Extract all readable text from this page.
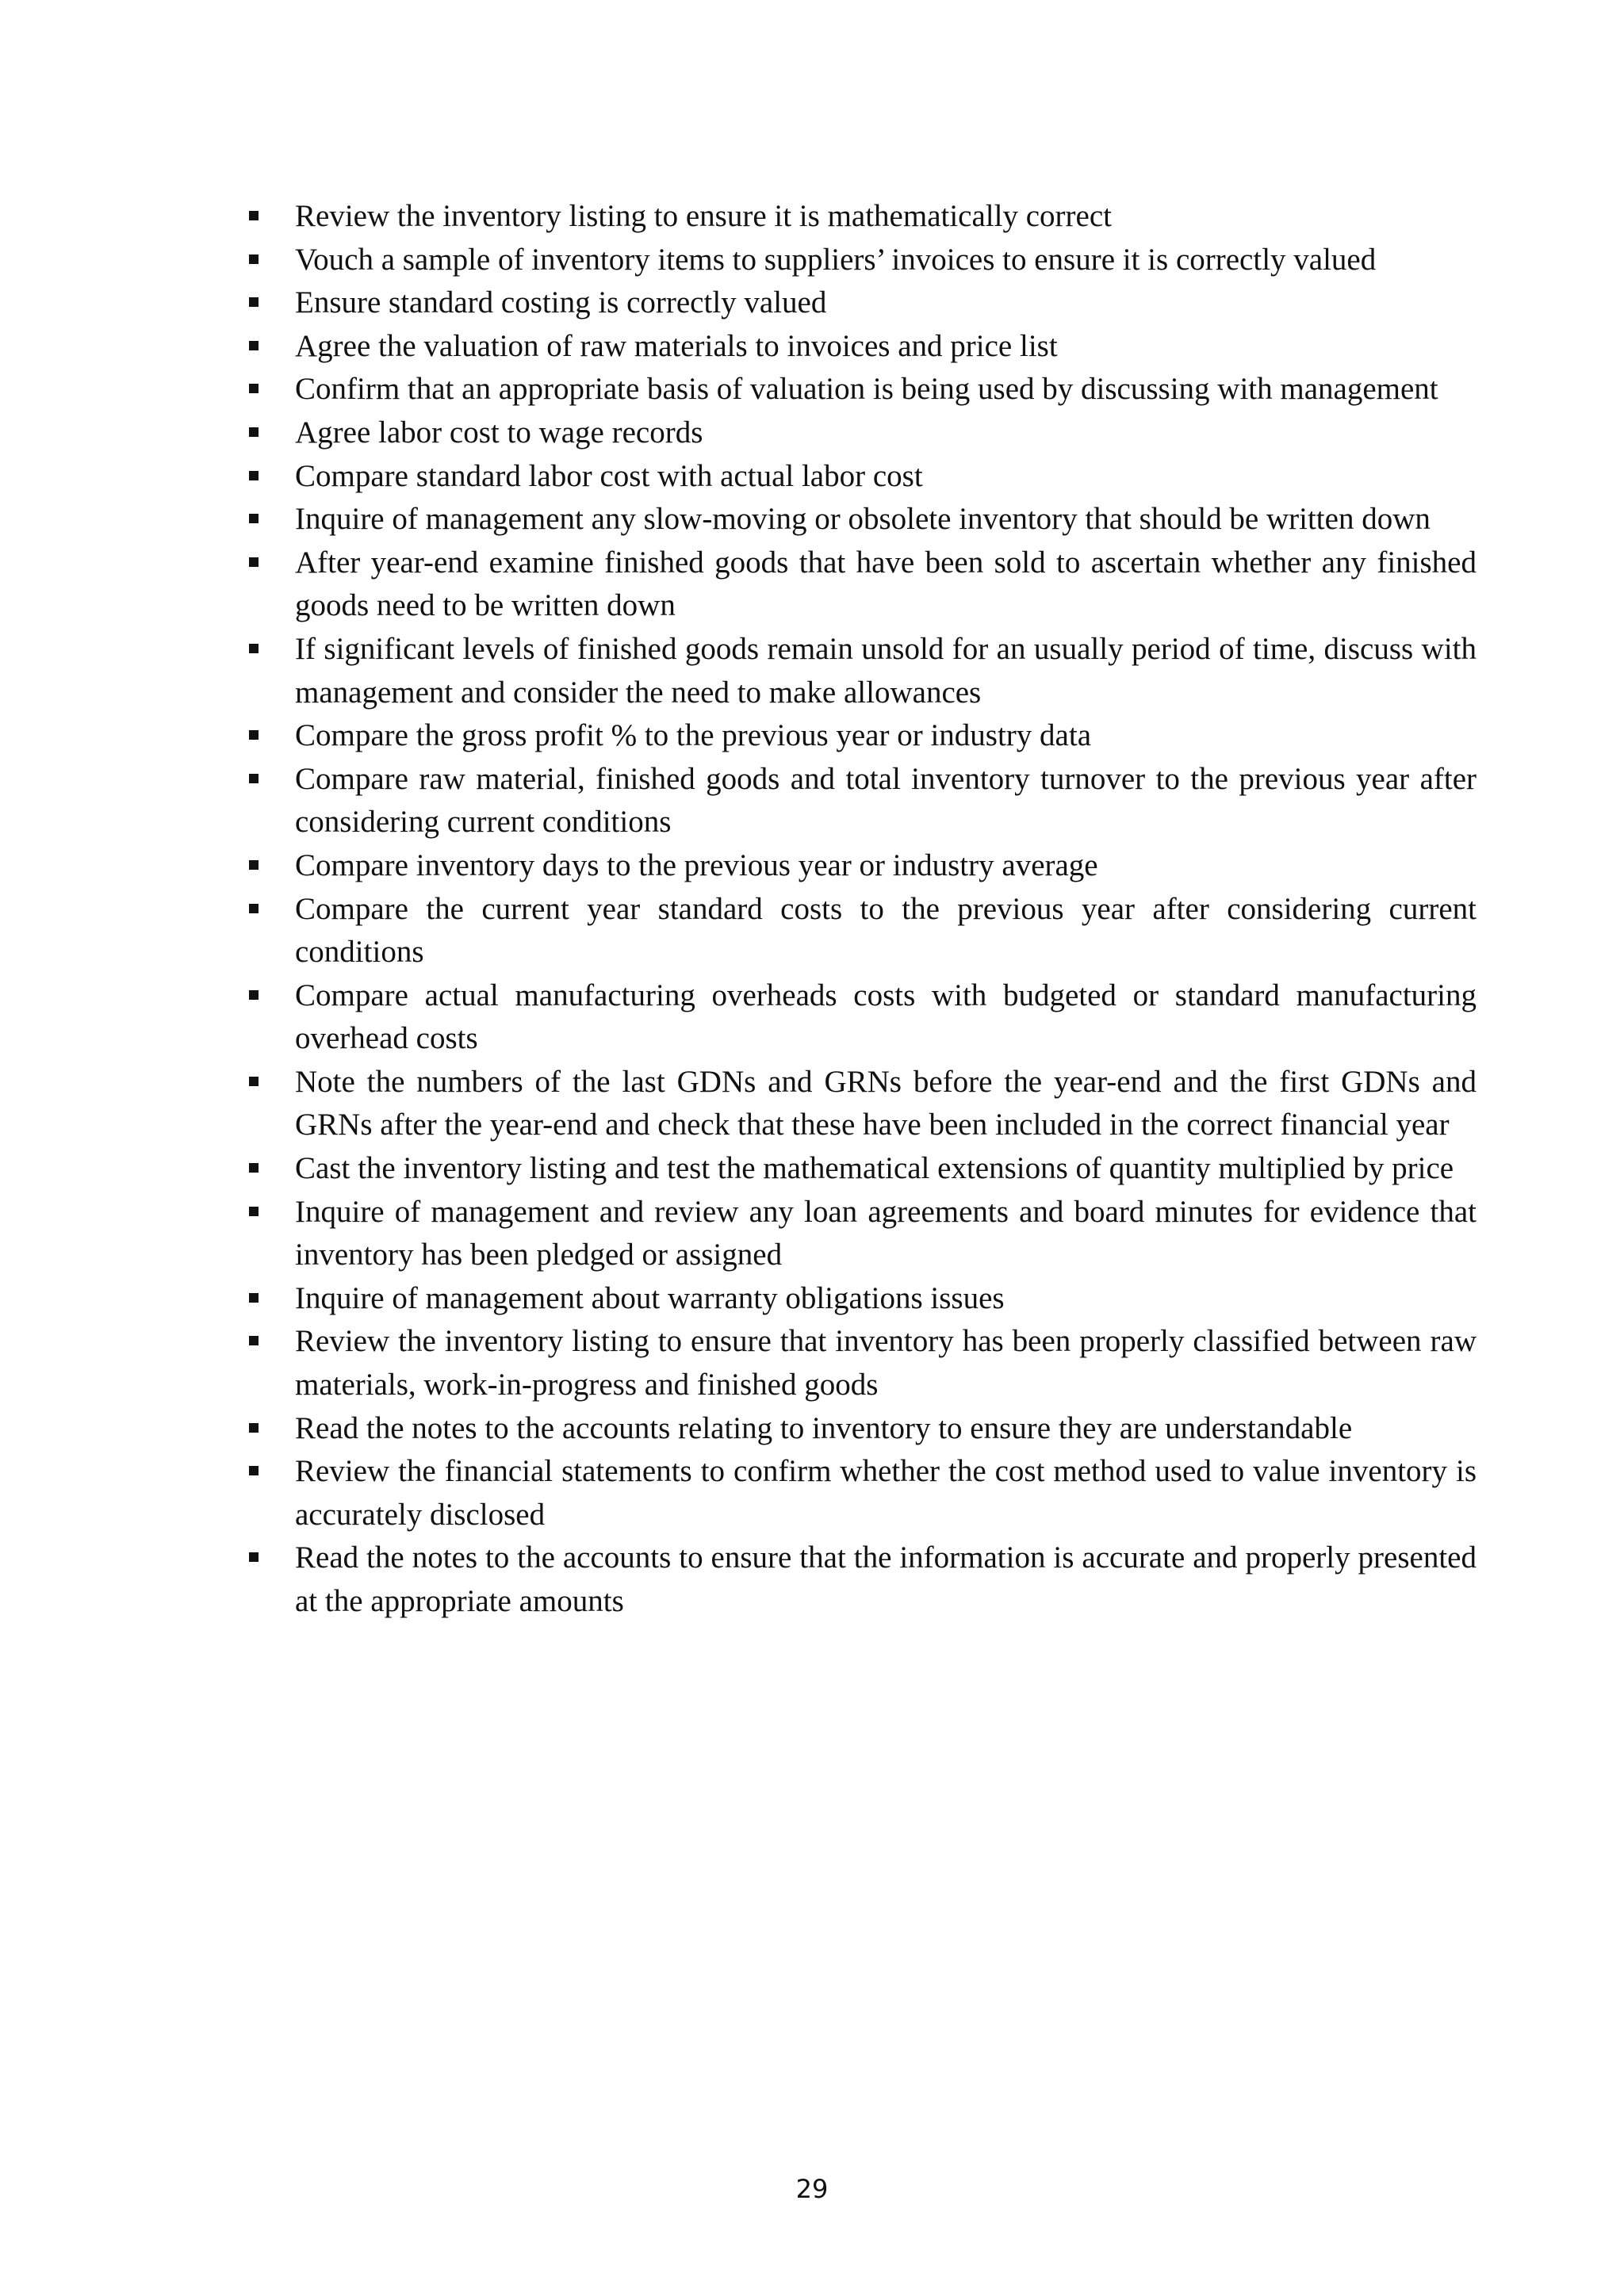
Review the inventory listing to ensure it is mathematically correct
Vouch a sample of inventory items to suppliers’ invoices to ensure it is correctly valued
Ensure standard costing is correctly valued
Agree the valuation of raw materials to invoices and price list
Confirm that an appropriate basis of valuation is being used by discussing with management
Agree labor cost to wage records
Compare standard labor cost with actual labor cost
Inquire of management any slow-moving or obsolete inventory that should be written down
After year-end examine finished goods that have been sold to ascertain whether any finished goods need to be written down
If significant levels of finished goods remain unsold for an usually period of time, discuss with management and consider the need to make allowances
Compare the gross profit % to the previous year or industry data
Compare raw material, finished goods and total inventory turnover to the previous year after considering current conditions
Compare inventory days to the previous year or industry average
Compare the current year standard costs to the previous year after considering current conditions
Compare actual manufacturing overheads costs with budgeted or standard manufacturing overhead costs
Note the numbers of the last GDNs and GRNs before the year-end and the first GDNs and GRNs after the year-end and check that these have been included in the correct financial year
Cast the inventory listing and test the mathematical extensions of quantity multiplied by price
Inquire of management and review any loan agreements and board minutes for evidence that inventory has been pledged or assigned
Inquire of management about warranty obligations issues
Review the inventory listing to ensure that inventory has been properly classified between raw materials, work-in-progress and finished goods
Read the notes to the accounts relating to inventory to ensure they are understandable
Review the financial statements to confirm whether the cost method used to value inventory is accurately disclosed
Read the notes to the accounts to ensure that the information is accurate and properly presented at the appropriate amounts
29
